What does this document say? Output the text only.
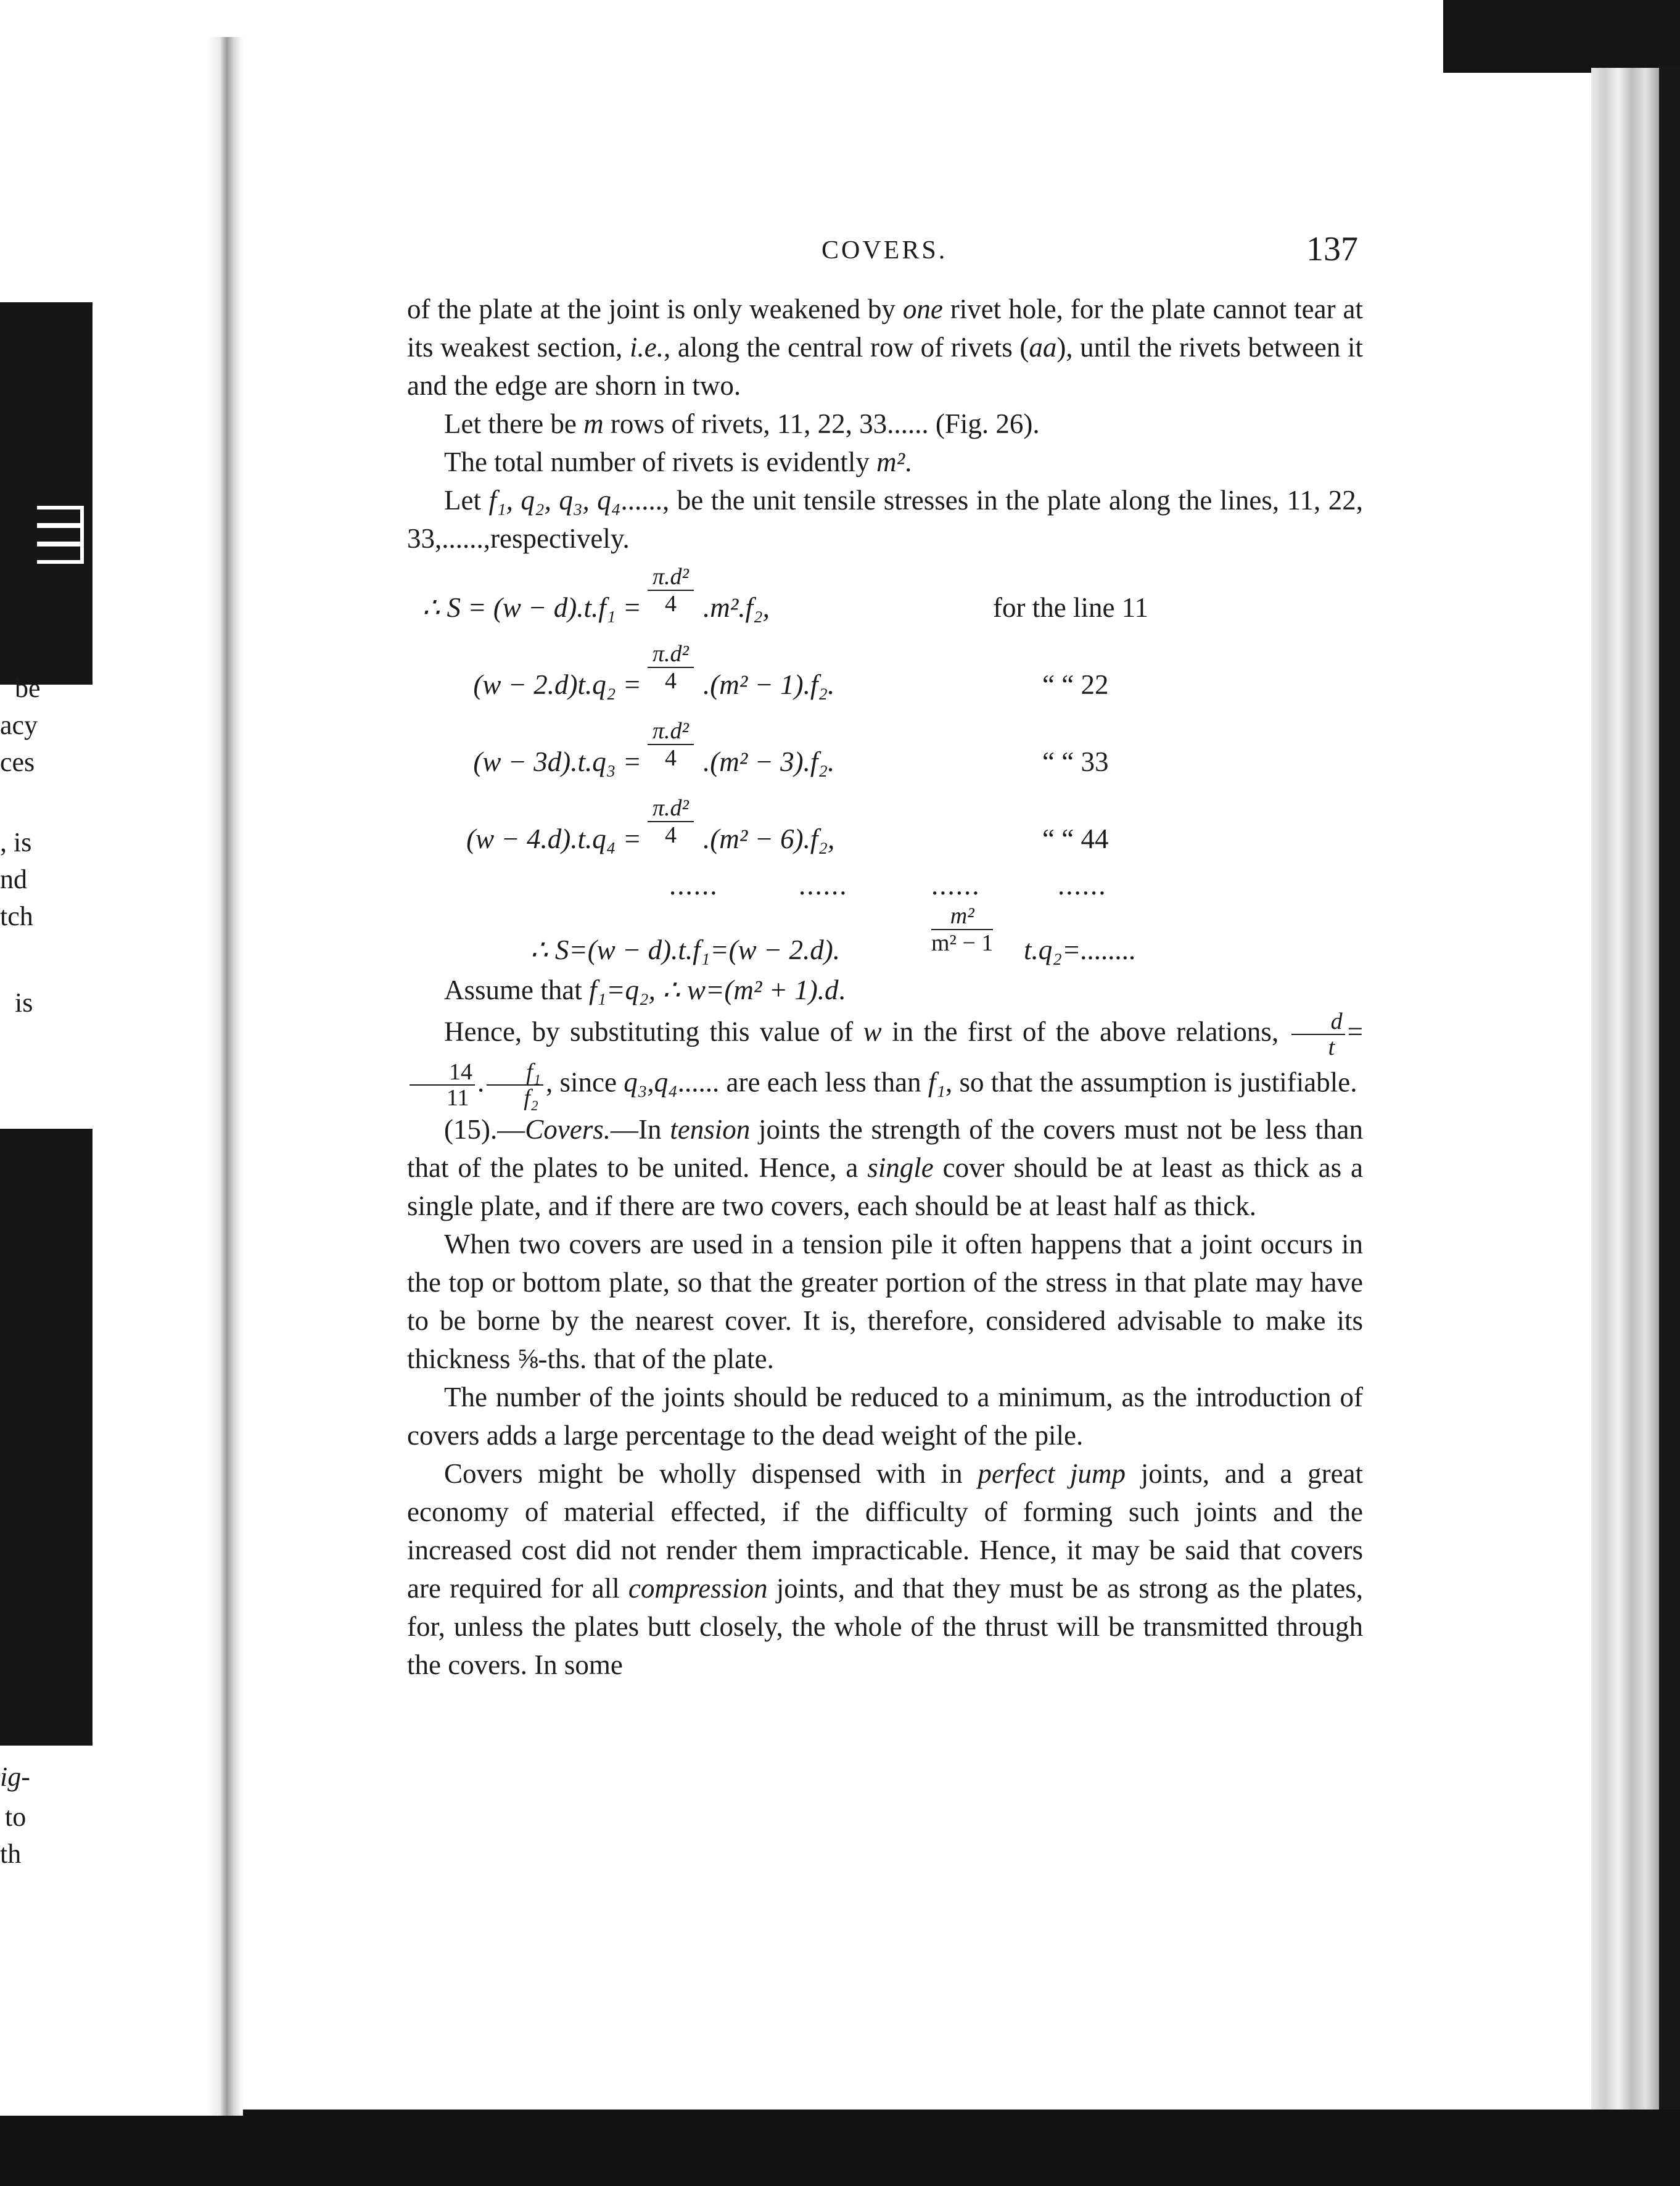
be
acy
ces
, is
nd
tch
is
ig-
to
th
COVERS.	137

of the plate at the joint is only weakened by one rivet hole, for the plate cannot tear at its weakest section, i.e., along the central row of rivets (aa), until the rivets between it and the edge are shorn in two.

Let there be m rows of rivets, 11, 22, 33...... (Fig. 26).

The total number of rivets is evidently m².

Let f₁, q₂, q₃, q₄......, be the unit tensile stresses in the plate along the lines, 11, 22, 33,......,respectively.

∴ $S = (w - d).t.f_1 = \frac{\text{π.d²}}{4} .m^2.f_2$,	for the line 11
$(w - 2.d)t.q_2 = \frac{\text{π.d²}}{4} .(m^2 - 1).f_2$.	“ “ 22
$(w - 3d).t.q_3 = \frac{\text{π.d²}}{4} .(m^2 - 3).f_2$.	“ “ 33
$(w - 4.d).t.q_4 = \frac{\text{π.d²}}{4} .(m^2 - 6).f_2$,	“ “ 44
......	......	......	......
∴ S=(w − d).t.f₁=(w − 2.d).	$\frac{\text{m²}}{\text{m² − 1}} t.q_2=$........

Assume that f₁=q₂, ∴ w=(m² + 1).d.

Hence, by substituting this value of w in the first of the above relations, $\frac{d}{t}$ =
$\frac{14}{11}$ . $\frac{\text{f₁}}{\text{f₂}}$ , since q₃,q₄...... are each less than f₁, so that the assumption is justifiable.

(15).—Covers.—In tension joints the strength of the covers must not be less than that of the plates to be united. Hence, a single cover should be at least as thick as a single plate, and if there are two covers, each should be at least half as thick.

When two covers are used in a tension pile it often happens that a joint occurs in the top or bottom plate, so that the greater portion of the stress in that plate may have to be borne by the nearest cover. It is, therefore, considered advisable to make its thickness ⅝-ths. that of the plate.

The number of the joints should be reduced to a minimum, as the introduction of covers adds a large percentage to the dead weight of the pile.

Covers might be wholly dispensed with in perfect jump joints, and a great economy of material effected, if the difficulty of forming such joints and the increased cost did not render them impracticable. Hence, it may be said that covers are required for all compression joints, and that they must be as strong as the plates, for, unless the plates butt closely, the whole of the thrust will be transmitted through the covers. In some
